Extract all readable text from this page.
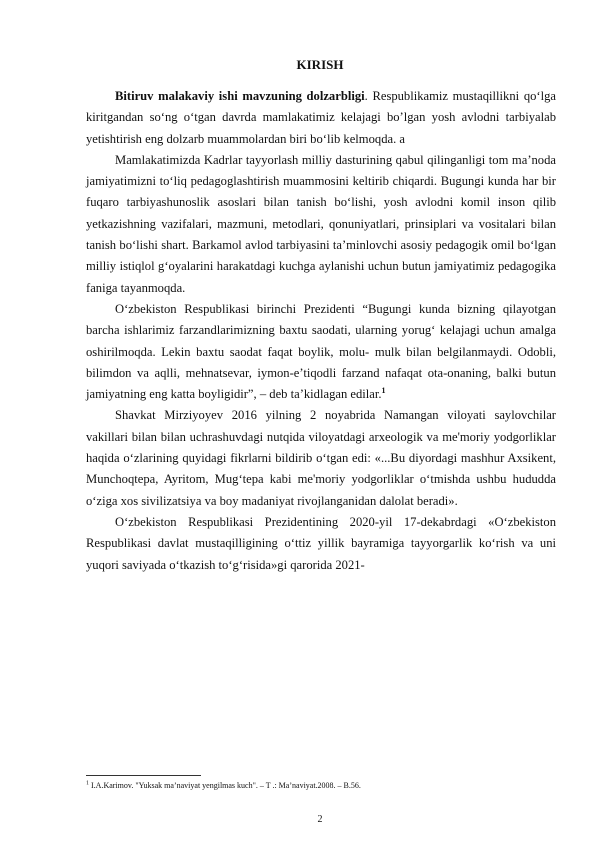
KIRISH

Bitiruv malakaviy ishi mavzuning dolzarbligi. Respublikamiz mustaqillikni qo‘lga kiritgandan so‘ng o‘tgan davrda mamlakatimiz kelajagi bo’lgan yosh avlodni tarbiyalab yetishtirish eng dolzarb muammolardan biri bo‘lib kelmoqda. a

Mamlakatimizda Kadrlar tayyorlash milliy dasturining qabul qilinganligi tom ma’noda jamiyatimizni to‘liq pedagoglashtirish muammosini keltirib chiqardi. Bugungi kunda har bir fuqaro tarbiyashunoslik asoslari bilan tanish bo‘lishi, yosh avlodni komil inson qilib yetkazishning vazifalari, mazmuni, metodlari, qonuniyatlari, prinsiplari va vositalari bilan tanish bo‘lishi shart. Barkamol avlod tarbiyasini ta’minlovchi asosiy pedagogik omil bo‘lgan milliy istiqlol g‘oyalarini harakatdagi kuchga aylanishi uchun butun jamiyatimiz pedagogika faniga tayanmoqda.

O‘zbekiston Respublikasi birinchi Prezidenti “Bugungi kunda bizning qilayotgan barcha ishlarimiz farzandlarimizning baxtu saodati, ularning yorug‘ kelajagi uchun amalga oshirilmoqda. Lekin baxtu saodat faqat boylik, molu- mulk bilan belgilanmaydi. Odobli, bilimdon va aqlli, mehnatsevar, iymon-e’tiqodli farzand nafaqat ota-onaning, balki butun jamiyatning eng katta boyligidir”, – deb ta’kidlagan edilar.$^1$

Shavkat Mirziyoyev 2016 yilning 2 noyabrida Namangan viloyati saylovchilar vakillari bilan bilan uchrashuvdagi nutqida viloyatdagi arxeologik va me'moriy yodgorliklar haqida o‘zlarining quyidagi fikrlarni bildirib o‘tgan edi: «...Bu diyordagi mashhur Axsikent, Munchoqtepa, Ayritom, Mug‘tepa kabi me'moriy yodgorliklar o‘tmishda ushbu hududda o‘ziga xos sivilizatsiya va boy madaniyat rivojlanganidan dalolat beradi».

O‘zbekiston Respublikasi Prezidentining 2020-yil 17-dekabrdagi «O‘zbekiston Respublikasi davlat mustaqilligining o‘ttiz yillik bayramiga tayyorgarlik ko‘rish va uni yuqori saviyada o‘tkazish to‘g‘risida»gi qarorida 2021-

$^1$ I.A.Karimov. "Yuksak ma’naviyat yengilmas kuch". – T .: Ma’naviyat.2008. – B.56.

2
